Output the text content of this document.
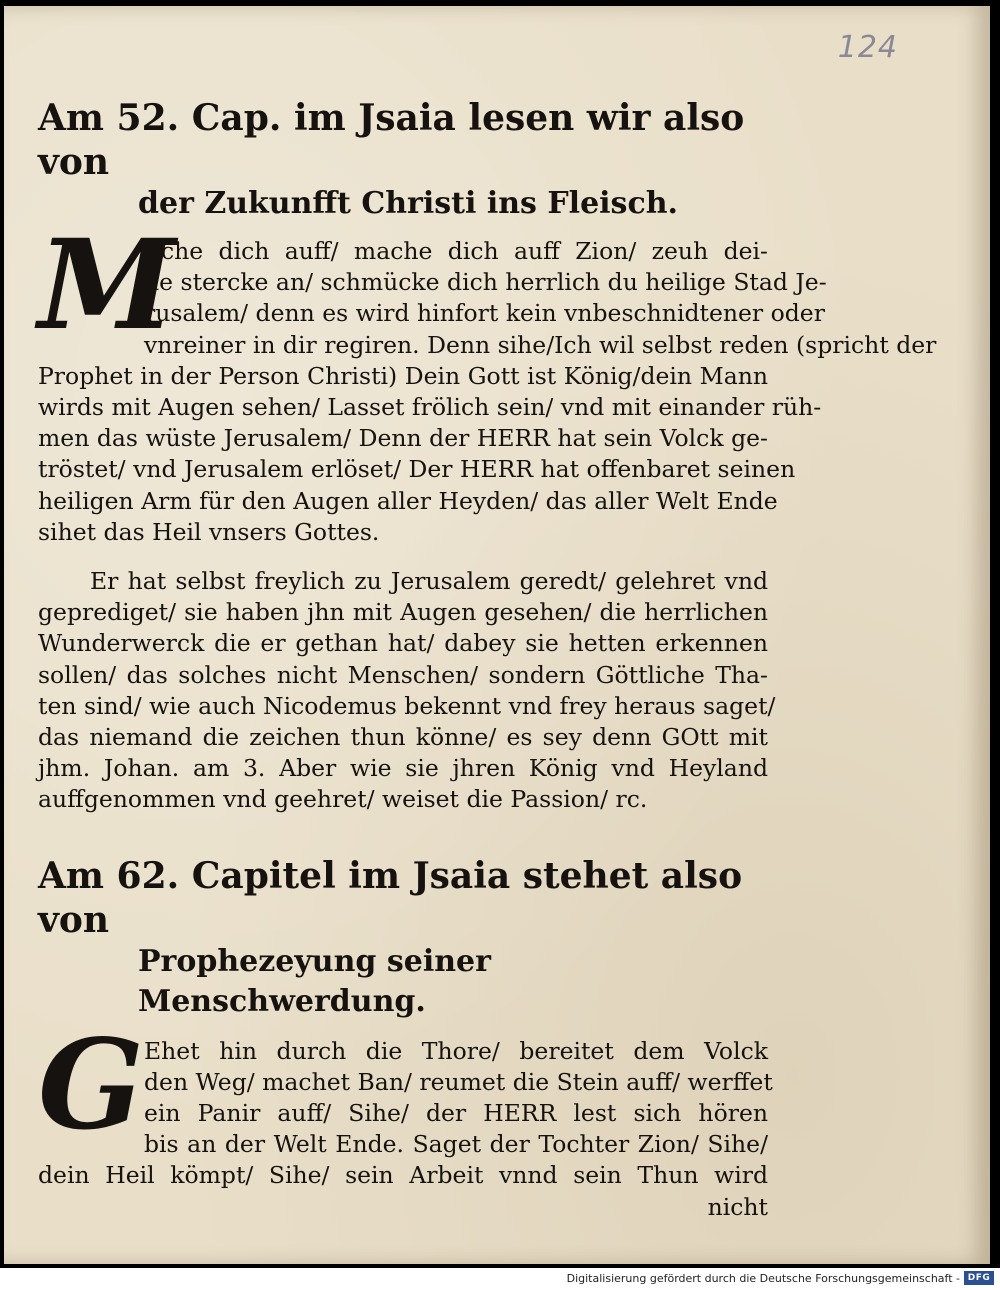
124
Am 52. Cap. im Jsaia lesen wir also von
der Zukunfft Christi ins Fleisch.
M
Ache dich auff/ mache dich auff Zion/ zeuh dei-
ne stercke an/ schmücke dich herrlich du heilige Stad Je-
rusalem/ denn es wird hinfort kein vnbeschnidtener oder
vnreiner in dir regiren. Denn sihe/Ich wil selbst reden (spricht der
Prophet in der Person Christi) Dein Gott ist König/dein Mann
wirds mit Augen sehen/ Lasset frölich sein/ vnd mit einander rüh-
men das wüste Jerusalem/ Denn der HERR hat sein Volck ge-
tröstet/ vnd Jerusalem erlöset/ Der HERR hat offenbaret seinen
heiligen Arm für den Augen aller Heyden/ das aller Welt Ende
sihet das Heil vnsers Gottes.
Er hat selbst freylich zu Jerusalem geredt/ gelehret vnd
geprediget/ sie haben jhn mit Augen gesehen/ die herrlichen
Wunderwerck die er gethan hat/ dabey sie hetten erkennen
sollen/ das solches nicht Menschen/ sondern Göttliche Tha-
ten sind/ wie auch Nicodemus bekennt vnd frey heraus saget/
das niemand die zeichen thun könne/ es sey denn GOtt mit
jhm. Johan. am 3. Aber wie sie jhren König vnd Heyland
auffgenommen vnd geehret/ weiset die Passion/ rc.
Am 62. Capitel im Jsaia stehet also von
Prophezeyung seiner Menschwerdung.
G Ehet hin durch die Thore/ bereitet dem Volck
den Weg/ machet Ban/ reumet die Stein auff/ werffet
ein Panir auff/ Sihe/ der HERR lest sich hören
bis an der Welt Ende. Saget der Tochter Zion/ Sihe/
dein Heil kömpt/ Sihe/ sein Arbeit vnnd sein Thun wird
nicht
Digitalisierung gefördert durch die Deutsche Forschungsgemeinschaft - DFG
